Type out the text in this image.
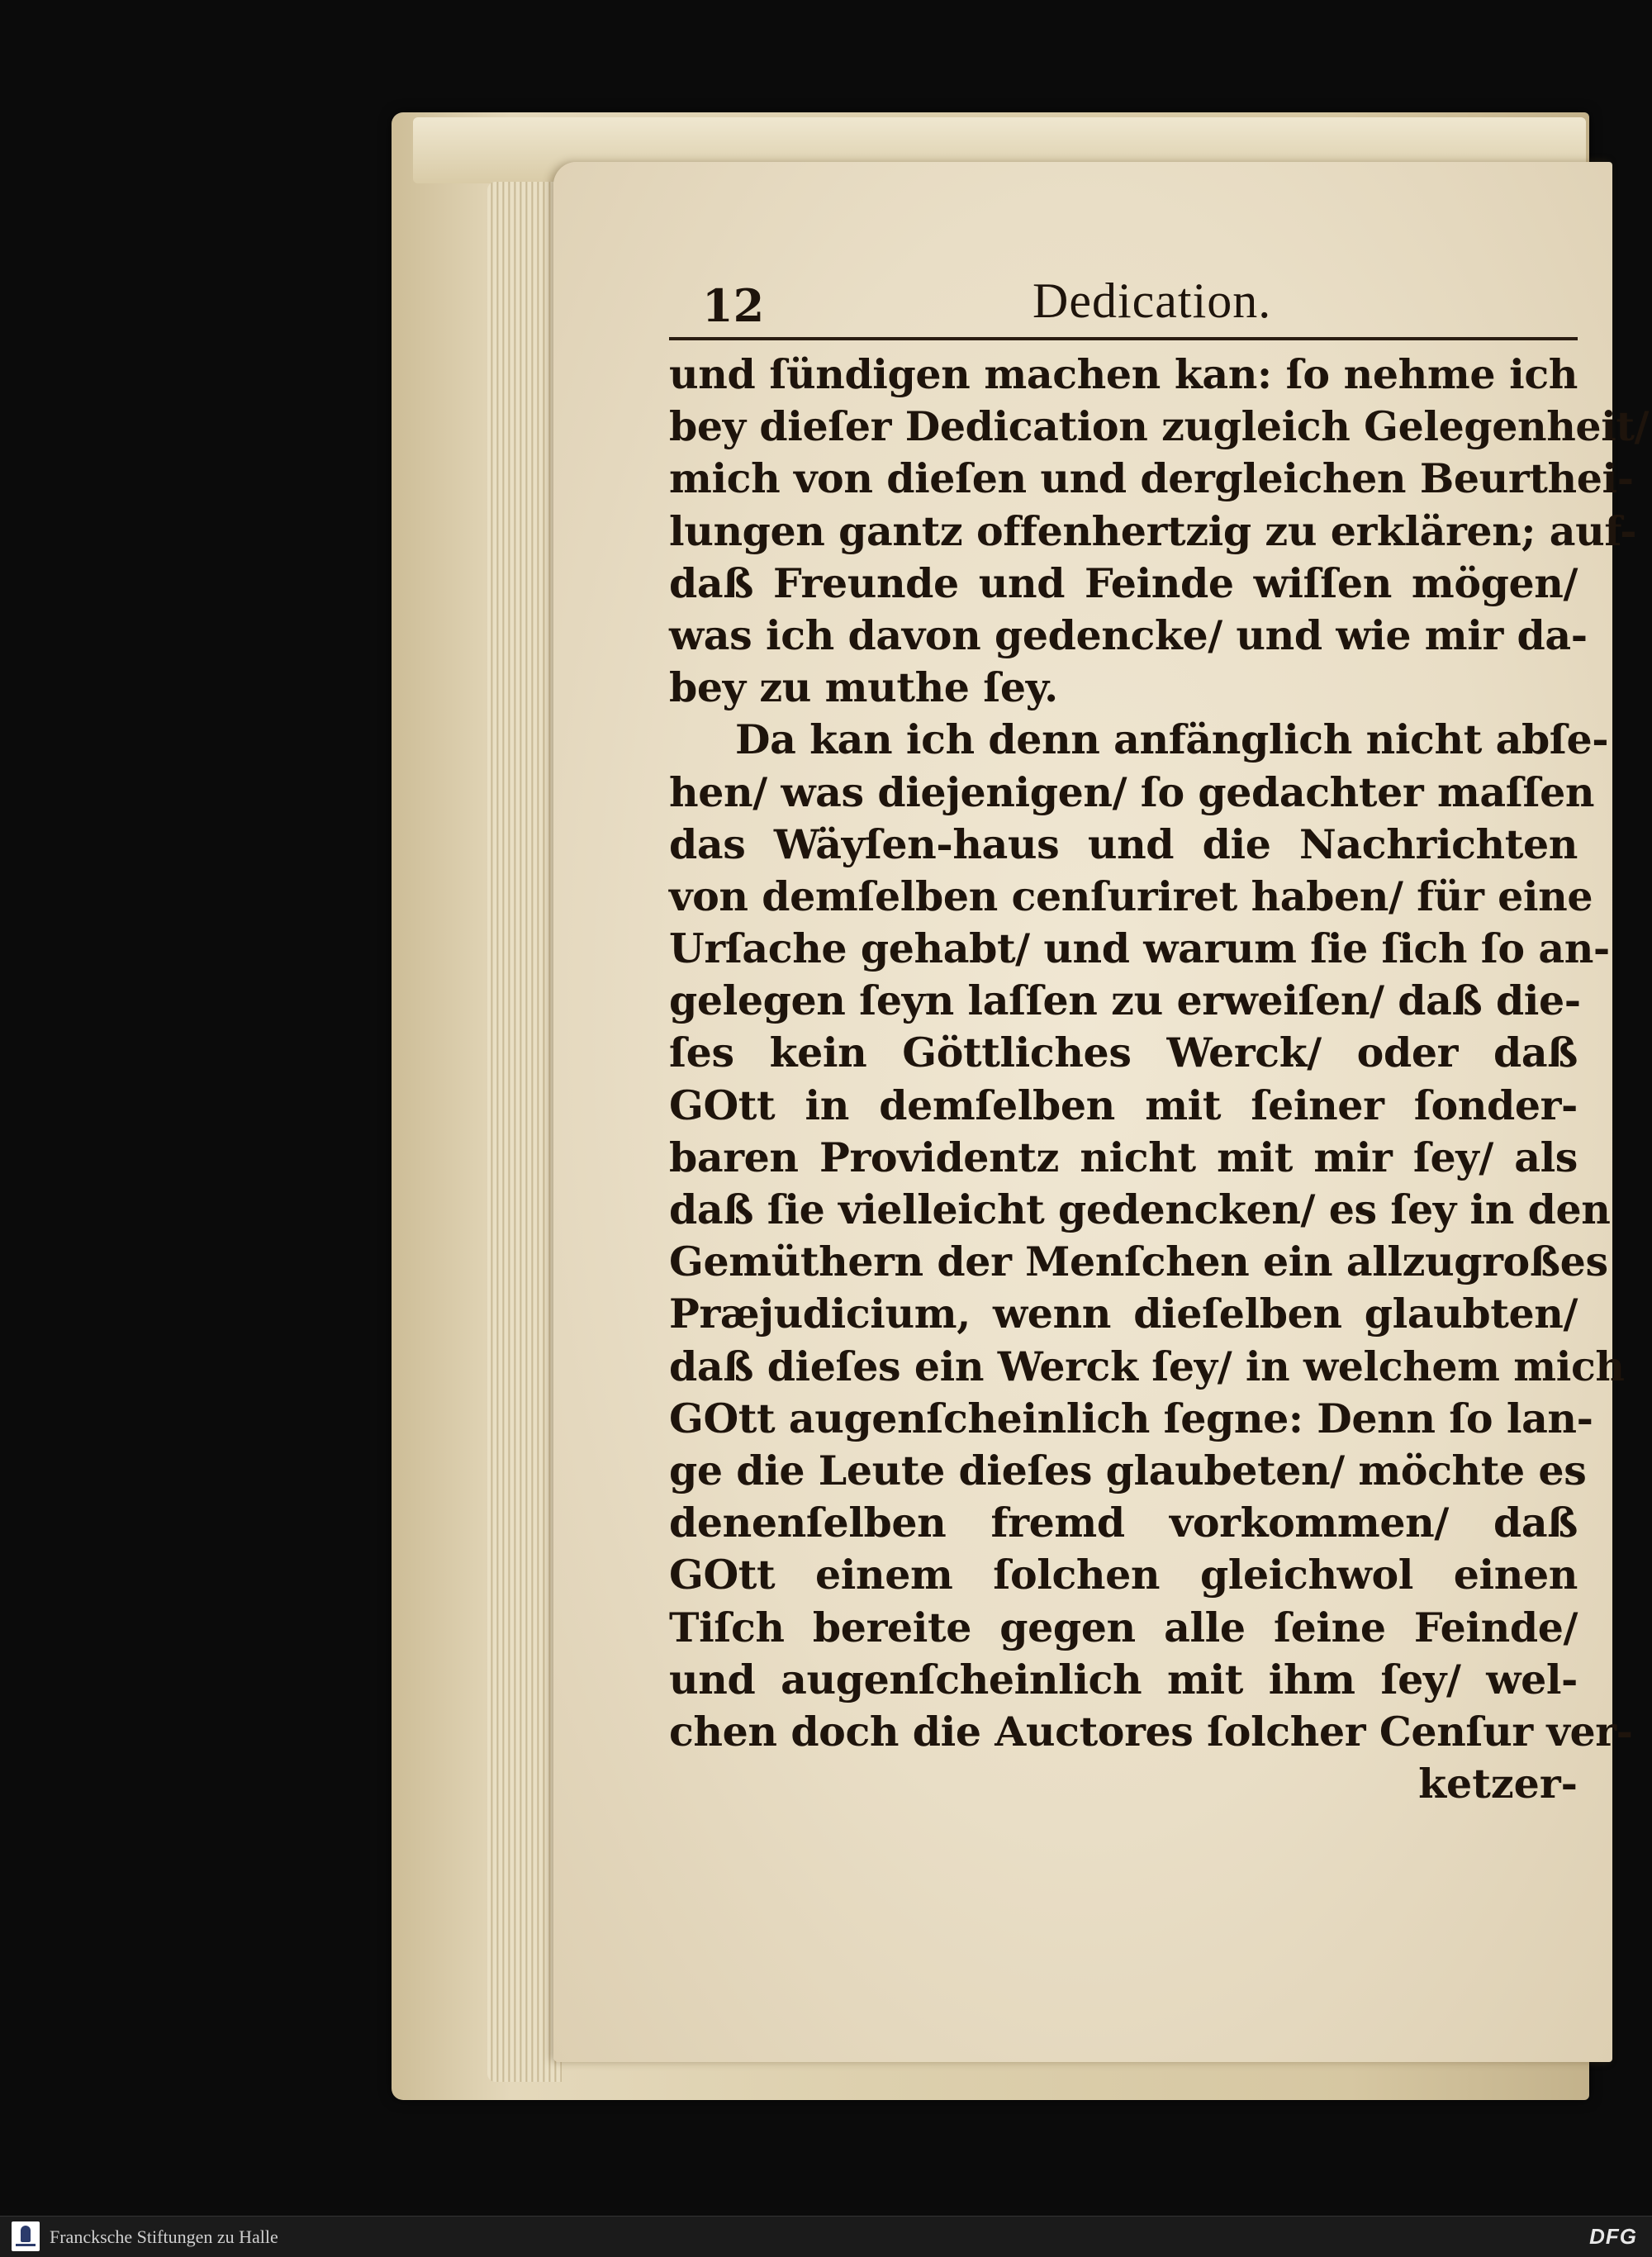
12	Dedication.
und ſündigen machen kan: ſo nehme ich
bey dieſer Dedication zugleich Gelegenheit/
mich von dieſen und dergleichen Beurthei-
lungen gantz offenhertzig zu erklären; auf-
daß Freunde und Feinde wiſſen mögen/
was ich davon gedencke/ und wie mir da-
bey zu muthe ſey.
Da kan ich denn anfänglich nicht abſe-
hen/ was diejenigen/ ſo gedachter maſſen
das Wäyſen-haus und die Nachrichten
von demſelben cenſuriret haben/ für eine
Urſache gehabt/ und warum ſie ſich ſo an-
gelegen ſeyn laſſen zu erweiſen/ daß die-
ſes kein Göttliches Werck/ oder daß
GOtt in demſelben mit ſeiner ſonder-
baren Providentz nicht mit mir ſey/ als
daß ſie vielleicht gedencken/ es ſey in den
Gemüthern der Menſchen ein allzugroßes
Præjudicium, wenn dieſelben glaubten/
daß dieſes ein Werck ſey/ in welchem mich
GOtt augenſcheinlich ſegne: Denn ſo lan-
ge die Leute dieſes glaubeten/ möchte es
denenſelben fremd vorkommen/ daß
GOtt einem ſolchen gleichwol einen
Tiſch bereite gegen alle ſeine Feinde/
und augenſcheinlich mit ihm ſey/ wel-
chen doch die Auctores ſolcher Cenſur ver-
ketzer-
Francksche Stiftungen zu Halle	DFG
